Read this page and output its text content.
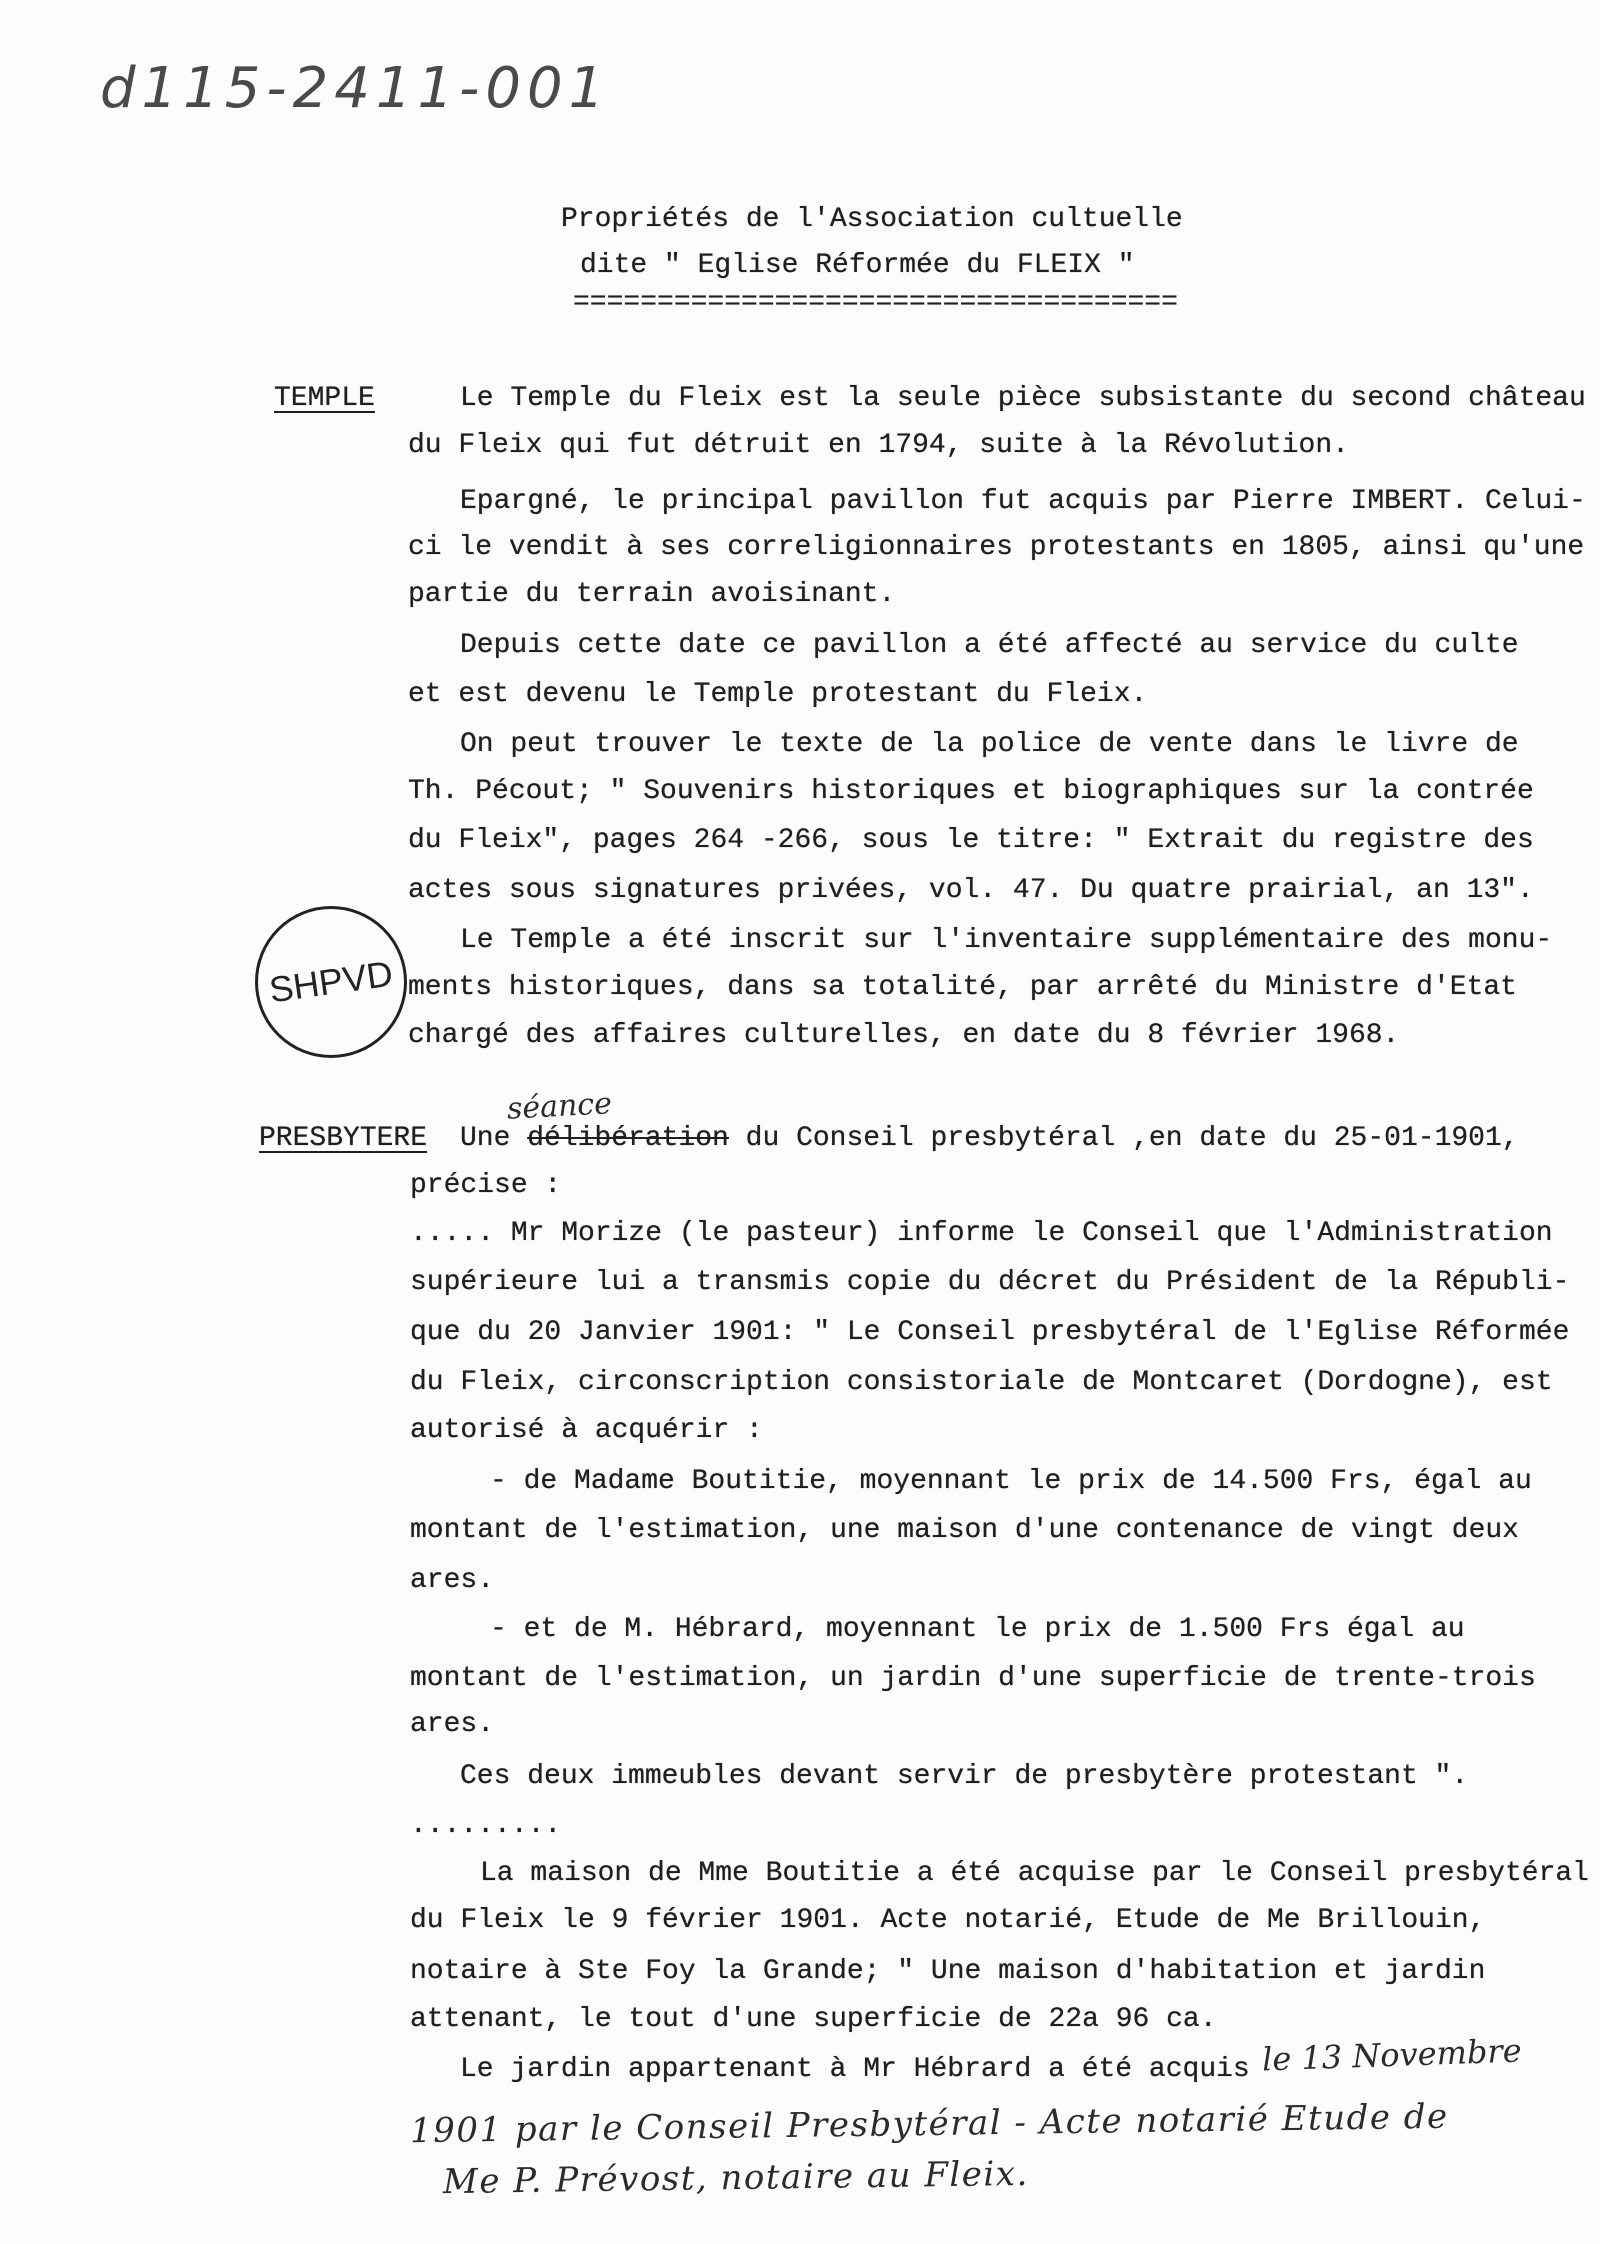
d115-2411-001
Propriétés de l'Association cultuelle
dite " Eglise Réformée du FLEIX "
====================================
TEMPLE	Le Temple du Fleix est la seule pièce subsistante du second château
du Fleix qui fut détruit en 1794, suite à la Révolution.
Epargné, le principal pavillon fut acquis par Pierre IMBERT. Celui-
ci le vendit à ses correligionnaires protestants en 1805, ainsi qu'une
partie du terrain avoisinant.
Depuis cette date ce pavillon a été affecté au service du culte
et est devenu le Temple protestant du Fleix.
On peut trouver le texte de la police de vente dans le livre de
Th. Pécout; " Souvenirs historiques et biographiques sur la contrée
du Fleix", pages 264 -266, sous le titre: " Extrait du registre des
actes sous signatures privées, vol. 47. Du quatre prairial, an 13".
Le Temple a été inscrit sur l'inventaire supplémentaire des monu-
ments historiques, dans sa totalité, par arrêté du Ministre d'Etat
chargé des affaires culturelles, en date du 8 février 1968.
SHPVD
séance
PRESBYTERE Une délibération du Conseil presbytéral ,en date du 25-01-1901,
précise :
..... Mr Morize (le pasteur) informe le Conseil que l'Administration
supérieure lui a transmis copie du décret du Président de la Républi-
que du 20 Janvier 1901: " Le Conseil presbytéral de l'Eglise Réformée
du Fleix, circonscription consistoriale de Montcaret (Dordogne), est
autorisé à acquérir :
- de Madame Boutitie, moyennant le prix de 14.500 Frs, égal au
montant de l'estimation, une maison d'une contenance de vingt deux
ares.
- et de M. Hébrard, moyennant le prix de 1.500 Frs égal au
montant de l'estimation, un jardin d'une superficie de trente-trois
ares.
Ces deux immeubles devant servir de presbytère protestant ".
.........
La maison de Mme Boutitie a été acquise par le Conseil presbytéral
du Fleix le 9 février 1901. Acte notarié, Etude de Me Brillouin,
notaire à Ste Foy la Grande; " Une maison d'habitation et jardin
attenant, le tout d'une superficie de 22a 96 ca.
Le jardin appartenant à Mr Hébrard a été acquis le 13 Novembre
1901 par le Conseil Presbytéral - Acte notarié Etude de
Me P. Prévost, notaire au Fleix.
